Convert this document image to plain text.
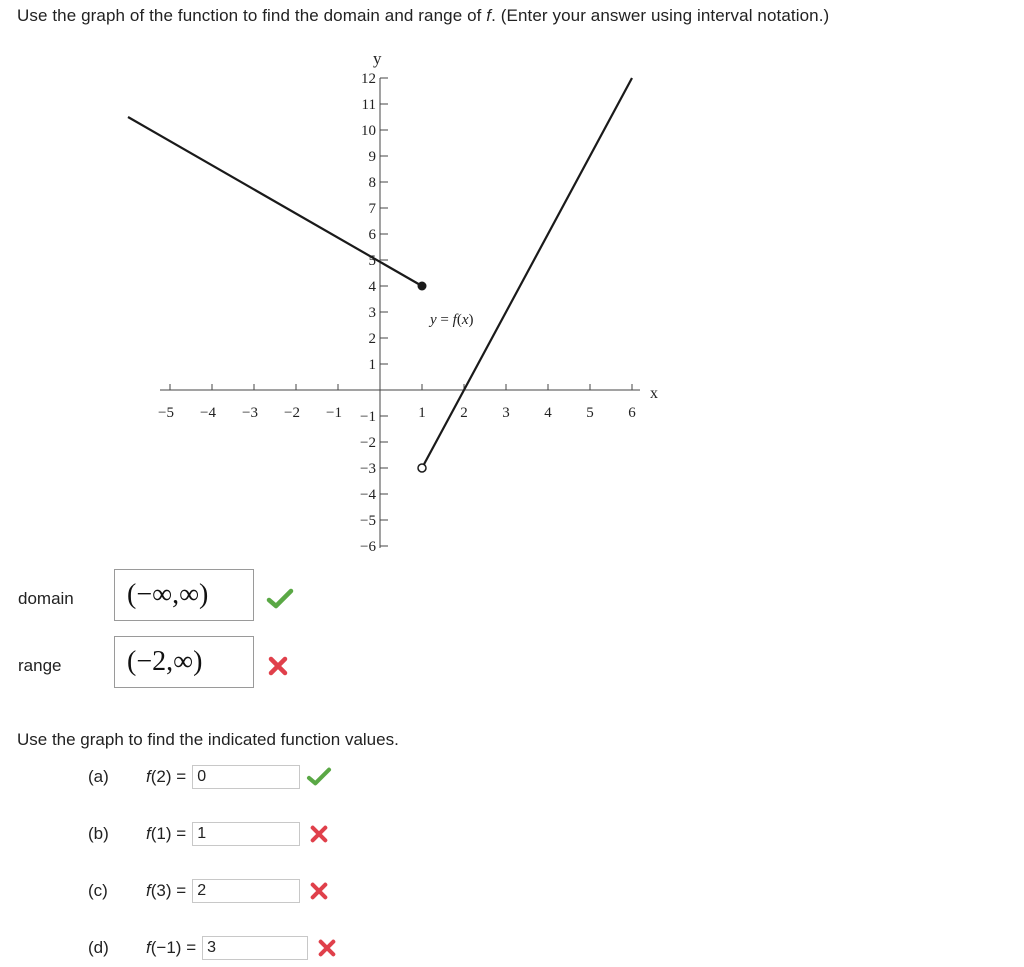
Use the graph of the function to find the domain and range of f. (Enter your answer using interval notation.)
−5 −4 −3 −2 −1	1 2 3 4 5 6
12
11
10
9
8
7
6
5
4
3
2
1
−1
−2
−3
−4
−5
−6
y
x
y = f(x)
domain (−∞,∞)
range (−2,∞)
Use the graph to find the indicated function values.
(a)	f(2) =
0
(b)	f(1) =
1
(c)	f(3) =
2
(d)	f(−1) =
3
